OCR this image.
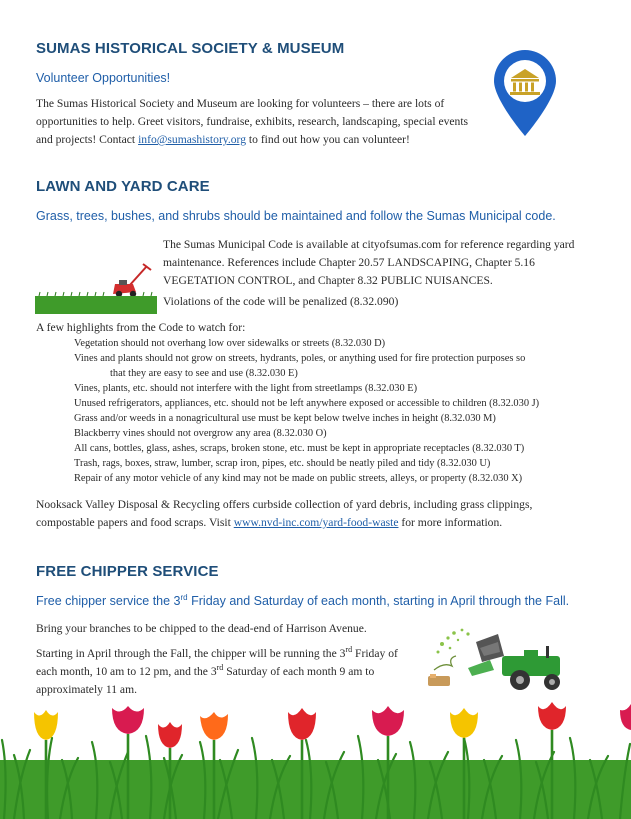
SUMAS HISTORICAL SOCIETY & MUSEUM
Volunteer Opportunities!
The Sumas Historical Society and Museum are looking for volunteers – there are lots of opportunities to help. Greet visitors, fundraise, exhibits, research, landscaping, special events and projects! Contact info@sumashistory.org to find out how you can volunteer!
LAWN AND YARD CARE
Grass, trees, bushes, and shrubs should be maintained and follow the Sumas Municipal code.
The Sumas Municipal Code is available at cityofsumas.com for reference regarding yard maintenance. References include Chapter 20.57 LANDSCAPING, Chapter 5.16 VEGETATION CONTROL, and Chapter 8.32 PUBLIC NUISANCES.
Violations of the code will be penalized (8.32.090)
A few highlights from the Code to watch for:
Vegetation should not overhang low over sidewalks or streets (8.32.030 D)
Vines and plants should not grow on streets, hydrants, poles, or anything used for fire protection purposes so
that they are easy to see and use (8.32.030 E)
Vines, plants, etc. should not interfere with the light from streetlamps (8.32.030 E)
Unused refrigerators, appliances, etc. should not be left anywhere exposed or accessible to children (8.32.030 J)
Grass and/or weeds in a nonagricultural use must be kept below twelve inches in height (8.32.030 M)
Blackberry vines should not overgrow any area (8.32.030 O)
All cans, bottles, glass, ashes, scraps, broken stone, etc. must be kept in appropriate receptacles (8.32.030 T)
Trash, rags, boxes, straw, lumber, scrap iron, pipes, etc. should be neatly piled and tidy (8.32.030 U)
Repair of any motor vehicle of any kind may not be made on public streets, alleys, or property (8.32.030 X)
Nooksack Valley Disposal & Recycling offers curbside collection of yard debris, including grass clippings, compostable papers and food scraps. Visit www.nvd-inc.com/yard-food-waste for more information.
FREE CHIPPER SERVICE
Free chipper service the 3rd Friday and Saturday of each month, starting in April through the Fall.
Bring your branches to be chipped to the dead-end of Harrison Avenue.
Starting in April through the Fall, the chipper will be running the 3rd Friday of each month, 10 am to 12 pm, and the 3rd Saturday of each month 9 am to approximately 11 am.
